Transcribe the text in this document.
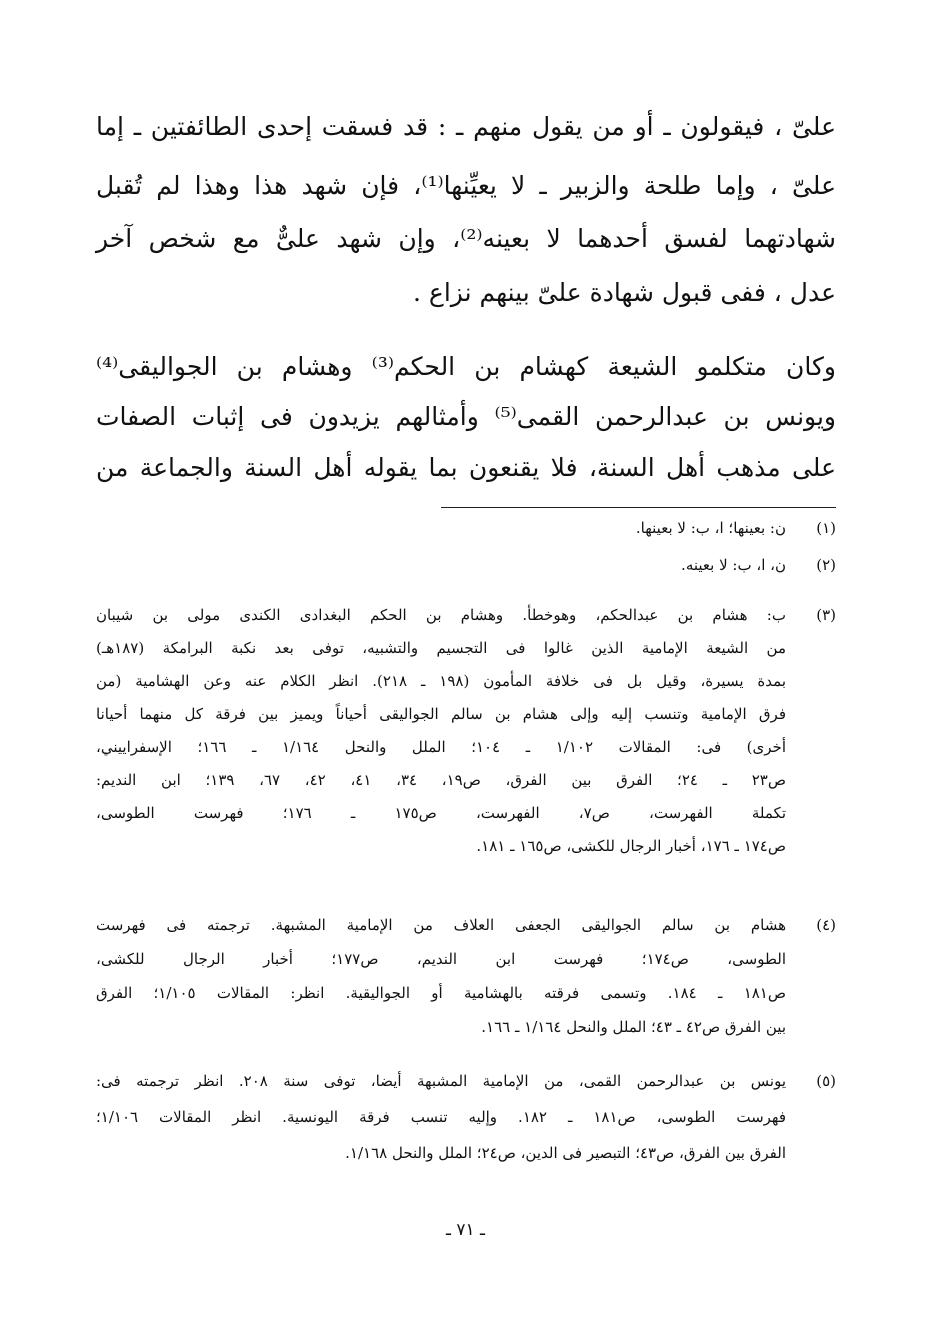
علىّ ، فيقولون ـ أو من يقول منهم ـ : قد فسقت إحدى الطائفتين ـ إما
علىّ ، وإما طلحة والزبير ـ لا يعيِّنها⁽¹⁾، فإن شهد هذا وهذا لم تُقبل
شهادتهما لفسق أحدهما لا بعينه⁽²⁾، وإن شهد علىٌّ مع شخص آخر
عدل ، ففى قبول شهادة علىّ بينهم نزاع .
وكان متكلمو الشيعة كهشام بن الحكم⁽³⁾ وهشام بن الجواليقى⁽⁴⁾
ويونس بن عبدالرحمن القمى⁽⁵⁾ وأمثالهم يزيدون فى إثبات الصفات
على مذهب أهل السنة، فلا يقنعون بما يقوله أهل السنة والجماعة من
(١)
ن: بعينها؛ ا، ب: لا بعينها.
(٢)
ن، ا، ب: لا بعينه.
(٣)
ب: هشام بن عبدالحكم، وهوخطأ. وهشام بن الحكم البغدادى الكندى مولى بن شيبان
من الشيعة الإمامية الذين غالوا فى التجسيم والتشبيه، توفى بعد نكبة البرامكة (١٨٧هـ)
بمدة يسيرة، وقيل بل فى خلافة المأمون (١٩٨ ـ ٢١٨). انظر الكلام عنه وعن الهشامية (من
فرق الإمامية وتنسب إليه وإلى هشام بن سالم الجواليقى أحياناً ويميز بين فرقة كل منهما أحيانا
أخرى) فى: المقالات ١/١٠٢ ـ ١٠٤؛ الملل والنحل ١/١٦٤ ـ ١٦٦؛ الإسفراييني،
ص٢٣ ـ ٢٤؛ الفرق بين الفرق، ص١٩، ٣٤، ٤١، ٤٢، ٦٧، ١٣٩؛ ابن النديم:
تكملة الفهرست، ص٧، الفهرست، ص١٧٥ ـ ١٧٦؛ فهرست الطوسى،
ص١٧٤ ـ ١٧٦، أخبار الرجال للكشى، ص١٦٥ ـ ١٨١.
(٤)
هشام بن سالم الجواليقى الجعفى العلاف من الإمامية المشبهة. ترجمته فى فهرست
الطوسى، ص١٧٤؛ فهرست ابن النديم، ص١٧٧؛ أخبار الرجال للكشى،
ص١٨١ ـ ١٨٤. وتسمى فرقته بالهشامية أو الجواليقية. انظر: المقالات ١/١٠٥؛ الفرق
بين الفرق ص٤٢ ـ ٤٣؛ الملل والنحل ١/١٦٤ ـ ١٦٦.
(٥)
يونس بن عبدالرحمن القمى، من الإمامية المشبهة أيضا، توفى سنة ٢٠٨. انظر ترجمته فى:
فهرست الطوسى، ص١٨١ ـ ١٨٢. وإليه تنسب فرقة اليونسية. انظر المقالات ١/١٠٦؛
الفرق بين الفرق، ص٤٣؛ التبصير فى الدين، ص٢٤؛ الملل والنحل ١/١٦٨.
ـ ٧١ ـ
